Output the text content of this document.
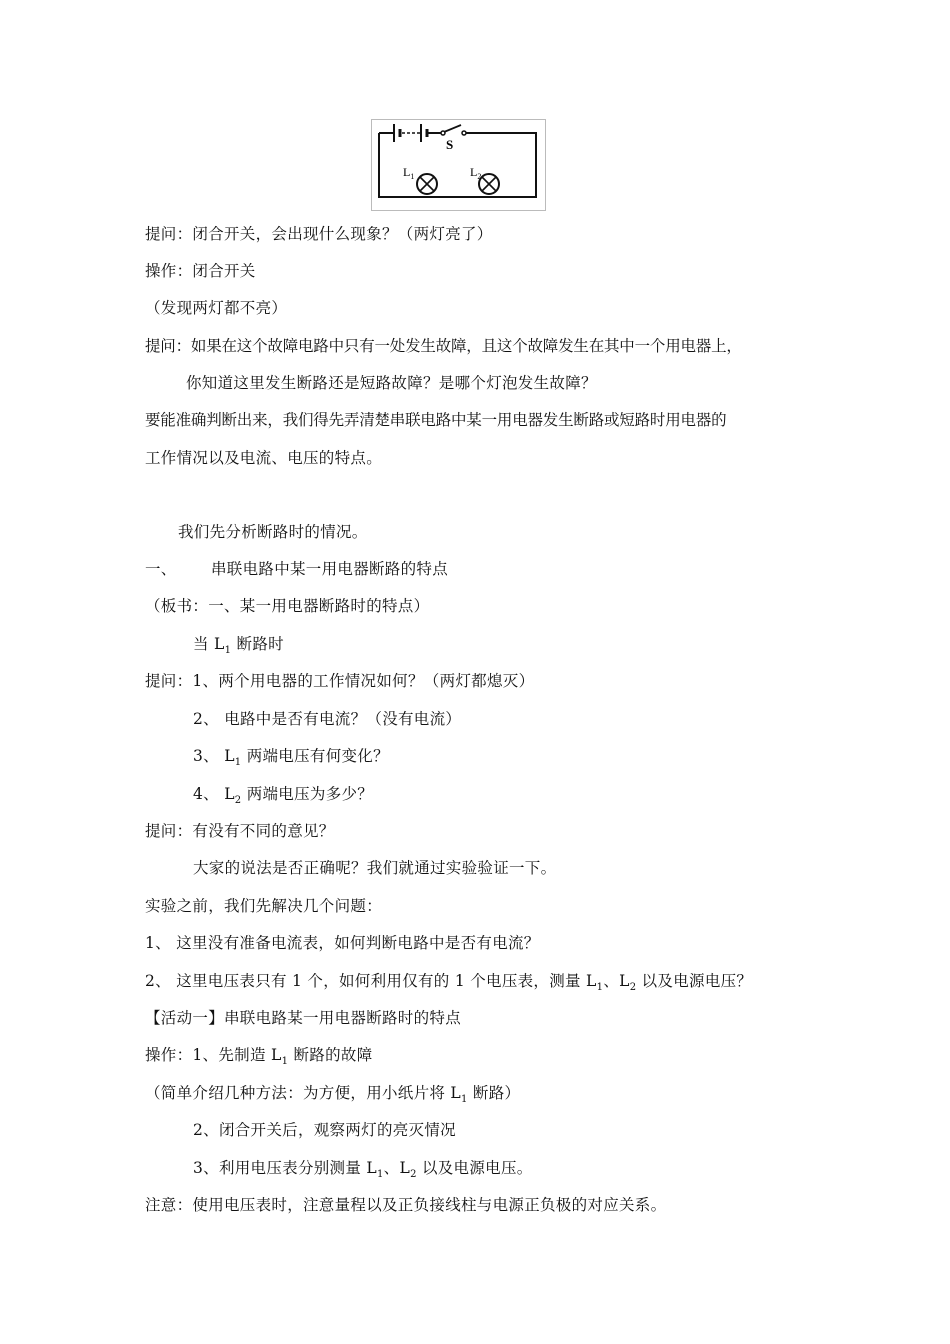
S
$L_1$	$L_2$
提问：闭合开关，会出现什么现象？（两灯亮了）
操作：闭合开关
（发现两灯都不亮）
提问：如果在这个故障电路中只有一处发生故障，且这个故障发生在其中一个用电器上，
你知道这里发生断路还是短路故障？是哪个灯泡发生故障？
要能准确判断出来，我们得先弄清楚串联电路中某一用电器发生断路或短路时用电器的
工作情况以及电流、电压的特点。
我们先分析断路时的情况。
一、 串联电路中某一用电器断路的特点
（板书：一、某一用电器断路时的特点）
当 $L_1$ 断路时
提问：1、两个用电器的工作情况如何？（两灯都熄灭）
2、 电路中是否有电流？（没有电流）
3、 $L_1$ 两端电压有何变化？
4、 $L_2$ 两端电压为多少？
提问：有没有不同的意见？
大家的说法是否正确呢？我们就通过实验验证一下。
实验之前，我们先解决几个问题：
1、 这里没有准备电流表，如何判断电路中是否有电流？
2、 这里电压表只有 1 个，如何利用仅有的 1 个电压表，测量 $L_1$、$L_2$ 以及电源电压？
【活动一】串联电路某一用电器断路时的特点
操作：1、先制造 $L_1$ 断路的故障
（简单介绍几种方法：为方便，用小纸片将 $L_1$ 断路）
2、闭合开关后，观察两灯的亮灭情况
3、利用电压表分别测量 $L_1$、$L_2$ 以及电源电压。
注意：使用电压表时，注意量程以及正负接线柱与电源正负极的对应关系。
